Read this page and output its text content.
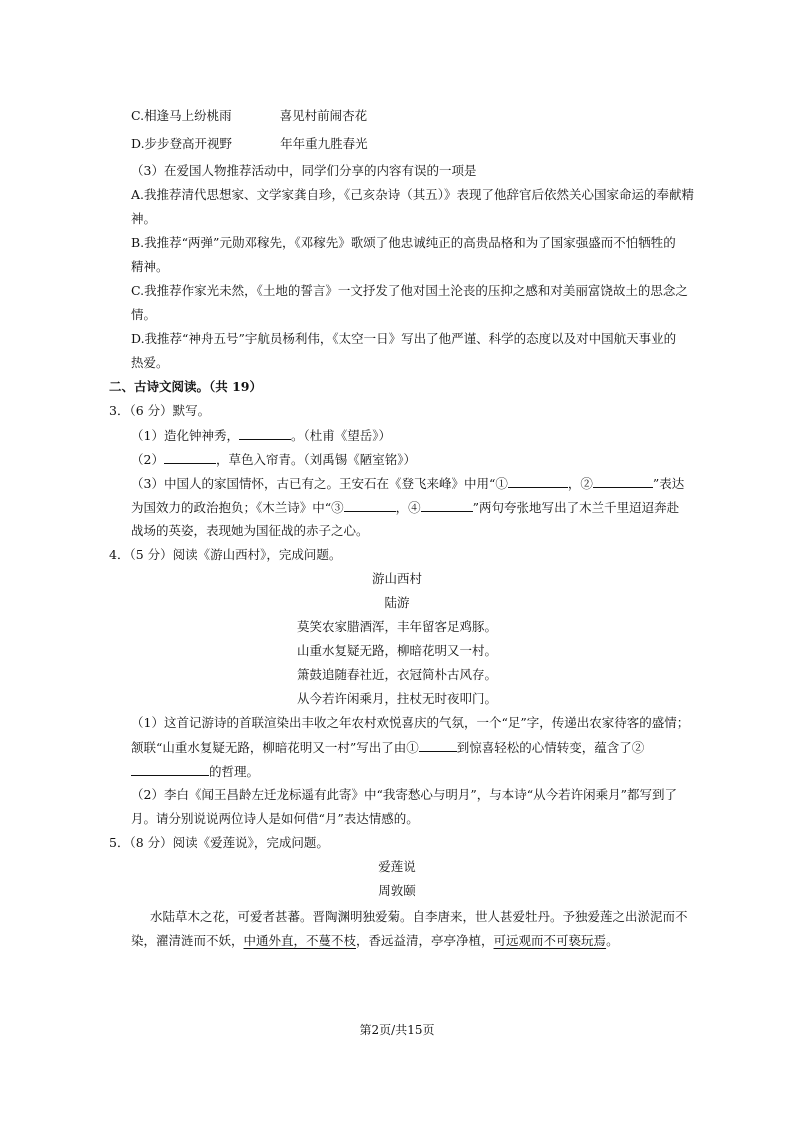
C.相逢马上纷桃雨	喜见村前闹杏花
D.步步登高开视野	年年重九胜春光
（3）在爱国人物推荐活动中，同学们分享的内容有误的一项是
A.我推荐清代思想家、文学家龚自珍，《己亥杂诗（其五）》表现了他辞官后依然关心国家命运的奉献精
神。
B.我推荐“两弹”元勋邓稼先，《邓稼先》歌颂了他忠诚纯正的高贵品格和为了国家强盛而不怕牺牲的
精神。
C.我推荐作家光未然，《土地的誓言》一文抒发了他对国土沦丧的压抑之感和对美丽富饶故土的思念之
情。
D.我推荐“神舟五号”宇航员杨利伟，《太空一日》写出了他严谨、科学的态度以及对中国航天事业的
热爱。
二、古诗文阅读。（共 19）
3．（6 分）默写。
（1）造化钟神秀，	。（杜甫《望岳》）
（2）	，草色入帘青。（刘禹锡《陋室铭》）
（3）中国人的家国情怀，古已有之。王安石在《登飞来峰》中用“①	，②	”表达
为国效力的政治抱负；《木兰诗》中“③	，④	”两句夸张地写出了木兰千里迢迢奔赴
战场的英姿，表现她为国征战的赤子之心。
4．（5 分）阅读《游山西村》，完成问题。
游山西村
陆游
莫笑农家腊酒浑，丰年留客足鸡豚。
山重水复疑无路，柳暗花明又一村。
箫鼓追随春社近，衣冠简朴古风存。
从今若许闲乘月，拄杖无时夜叩门。
（1）这首记游诗的首联渲染出丰收之年农村欢悦喜庆的气氛，一个“足”字，传递出农家待客的盛情；
颔联“山重水复疑无路，柳暗花明又一村”写出了由①	到惊喜轻松的心情转变，蕴含了②
的哲理。
（2）李白《闻王昌龄左迁龙标遥有此寄》中“我寄愁心与明月”，与本诗“从今若许闲乘月”都写到了
月。请分别说说两位诗人是如何借“月”表达情感的。
5．（8 分）阅读《爱莲说》，完成问题。
爱莲说
周敦颐
水陆草木之花，可爱者甚蕃。晋陶渊明独爱菊。自李唐来，世人甚爱牡丹。予独爱莲之出淤泥而不
染，濯清涟而不妖，中通外直，不蔓不枝，香远益清，亭亭净植，可远观而不可亵玩焉。
第2页/共15页
